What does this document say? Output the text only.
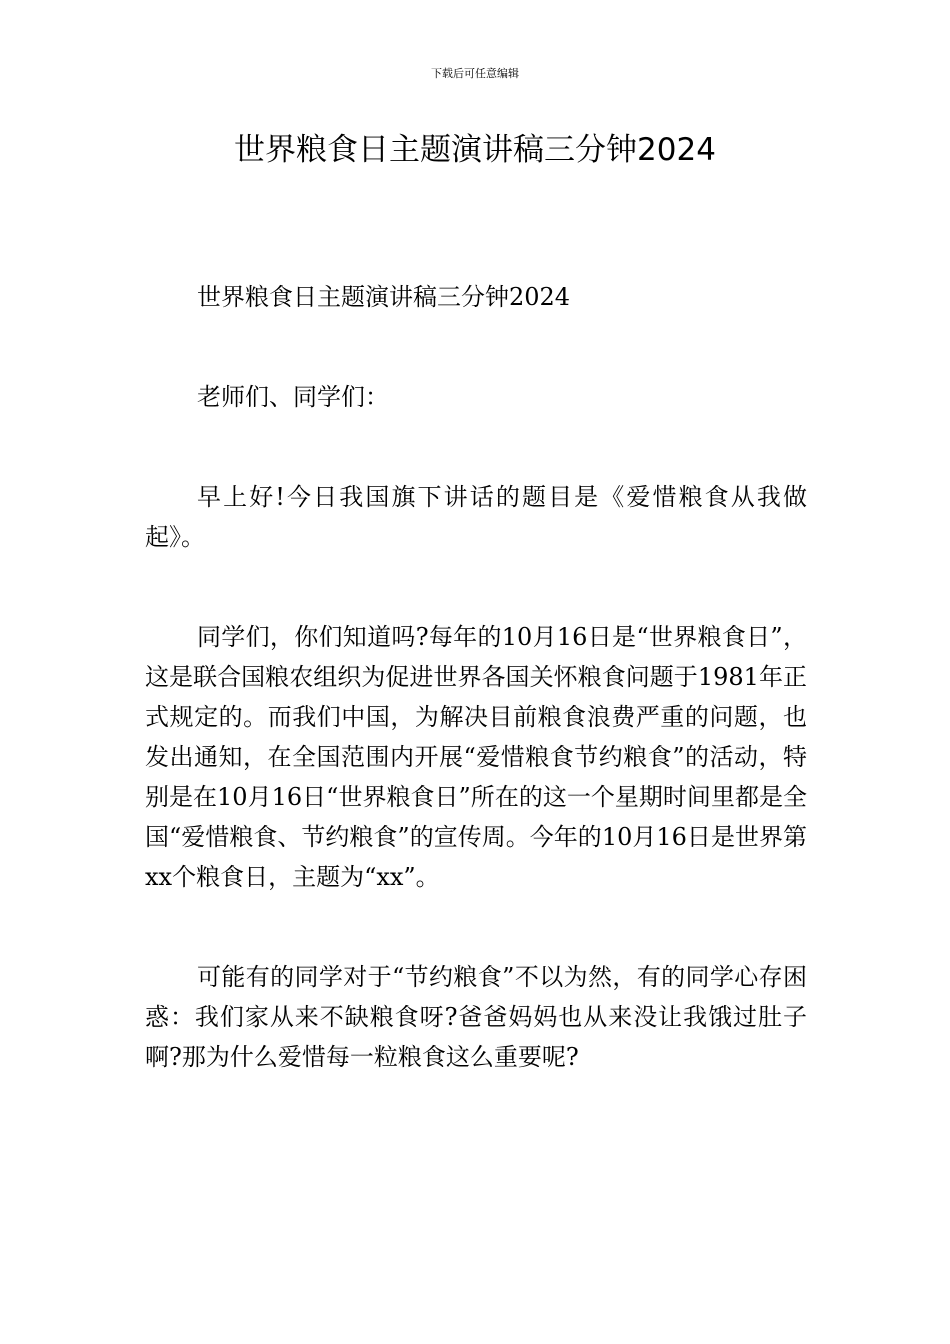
下载后可任意编辑
世界粮食日主题演讲稿三分钟2024

世界粮食日主题演讲稿三分钟2024

老师们、同学们：

早上好!今日我国旗下讲话的题目是《爱惜粮食从我做起》。

同学们，你们知道吗?每年的10月16日是“世界粮食日”，这是联合国粮农组织为促进世界各国关怀粮食问题于1981年正式规定的。而我们中国，为解决目前粮食浪费严重的问题，也发出通知，在全国范围内开展“爱惜粮食节约粮食”的活动，特别是在10月16日“世界粮食日”所在的这一个星期时间里都是全国“爱惜粮食、节约粮食”的宣传周。今年的10月16日是世界第xx个粮食日，主题为“xx”。

可能有的同学对于“节约粮食”不以为然，有的同学心存困惑：我们家从来不缺粮食呀?爸爸妈妈也从来没让我饿过肚子啊?那为什么爱惜每一粒粮食这么重要呢?
